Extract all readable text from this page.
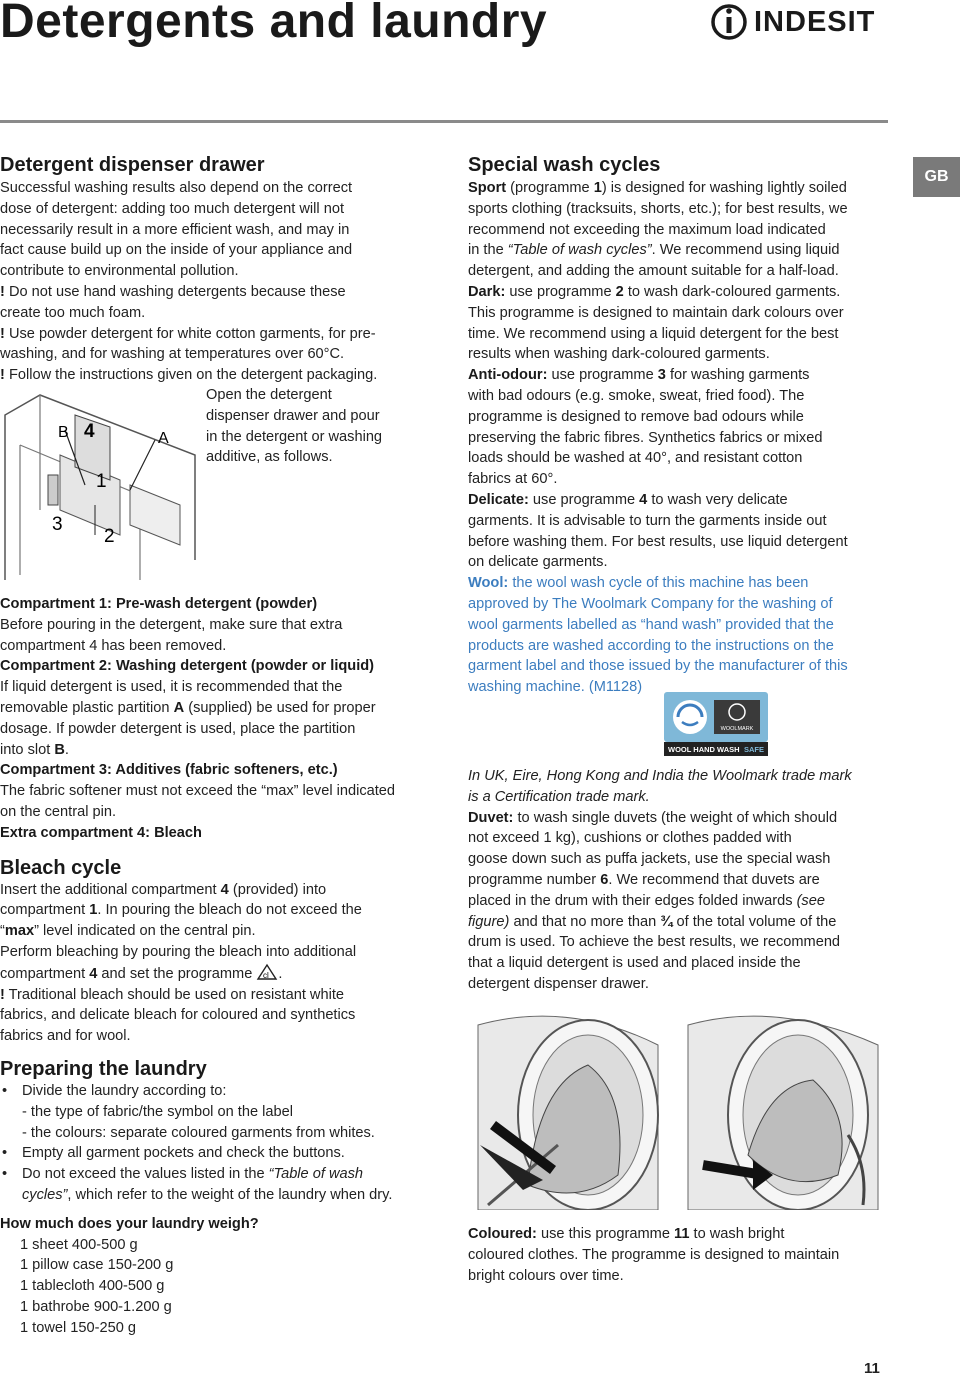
Detergents and laundry	INDESIT
GB

Detergent dispenser drawer

Successful washing results also depend on the correct

dose of detergent: adding too much detergent will not

necessarily result in a more efficient wash, and may in

fact cause build up on the inside of your appliance and

contribute to environmental pollution.

! Do not use hand washing detergents because these

create too much foam.

! Use powder detergent for white cotton garments, for pre-

washing, and for washing at temperatures over 60°C.

! Follow the instructions given on the detergent packaging.

B 4	A
1
3
2

Open the detergent

dispenser drawer and pour

in the detergent or washing

additive, as follows.

Compartment 1: Pre-wash detergent (powder)

Before pouring in the detergent, make sure that extra

compartment 4 has been removed.

Compartment 2: Washing detergent (powder or liquid)

If liquid detergent is used, it is recommended that the

removable plastic partition A (supplied) be used for proper

dosage. If powder detergent is used, place the partition

into slot B.

Compartment 3: Additives (fabric softeners, etc.)

The fabric softener must not exceed the “max” level indicated

on the central pin.

Extra compartment 4: Bleach

Bleach cycle

Insert the additional compartment 4 (provided) into

compartment 1. In pouring the bleach do not exceed the

“max” level indicated on the central pin.

Perform bleaching by pouring the bleach into additional

compartment 4 and set the programme cl .

! Traditional bleach should be used on resistant white

fabrics, and delicate bleach for coloured and synthetics

fabrics and for wool.

Preparing the laundry

• Divide the laundry according to:

- the type of fabric/the symbol on the label

- the colours: separate coloured garments from whites.

• Empty all garment pockets and check the buttons.

• Do not exceed the values listed in the “Table of wash

cycles”, which refer to the weight of the laundry when dry.

How much does your laundry weigh?

1 sheet 400-500 g

1 pillow case 150-200 g

1 tablecloth 400-500 g

1 bathrobe 900-1.200 g

1 towel 150-250 g

Special wash cycles

Sport (programme 1) is designed for washing lightly soiled

sports clothing (tracksuits, shorts, etc.); for best results, we

recommend not exceeding the maximum load indicated

in the “Table of wash cycles”. We recommend using liquid

detergent, and adding the amount suitable for a half-load.

Dark: use programme 2 to wash dark-coloured garments.

This programme is designed to maintain dark colours over

time. We recommend using a liquid detergent for the best

results when washing dark-coloured garments.

Anti-odour: use programme 3 for washing garments

with bad odours (e.g. smoke, sweat, fried food). The

programme is designed to remove bad odours while

preserving the fabric fibres. Synthetics fabrics or mixed

loads should be washed at 40°, and resistant cotton

fabrics at 60°.

Delicate: use programme 4 to wash very delicate

garments. It is advisable to turn the garments inside out

before washing them. For best results, use liquid detergent

on delicate garments.

Wool: the wool wash cycle of this machine has been

approved by The Woolmark Company for the washing of

wool garments labelled as “hand wash” provided that the

products are washed according to the instructions on the

garment label and those issued by the manufacturer of this

washing machine. (M1128)

WOOLMARK
WOOL HAND WASH SAFE

In UK, Eire, Hong Kong and India the Woolmark trade mark

is a Certification trade mark.

Duvet: to wash single duvets (the weight of which should

not exceed 1 kg), cushions or clothes padded with

goose down such as puffa jackets, use the special wash

programme number 6. We recommend that duvets are

placed in the drum with their edges folded inwards (see

figure) and that no more than ¾ of the total volume of the

drum is used. To achieve the best results, we recommend

that a liquid detergent is used and placed inside the

detergent dispenser drawer.

Coloured: use this programme 11 to wash bright

coloured clothes. The programme is designed to maintain

bright colours over time.

11
